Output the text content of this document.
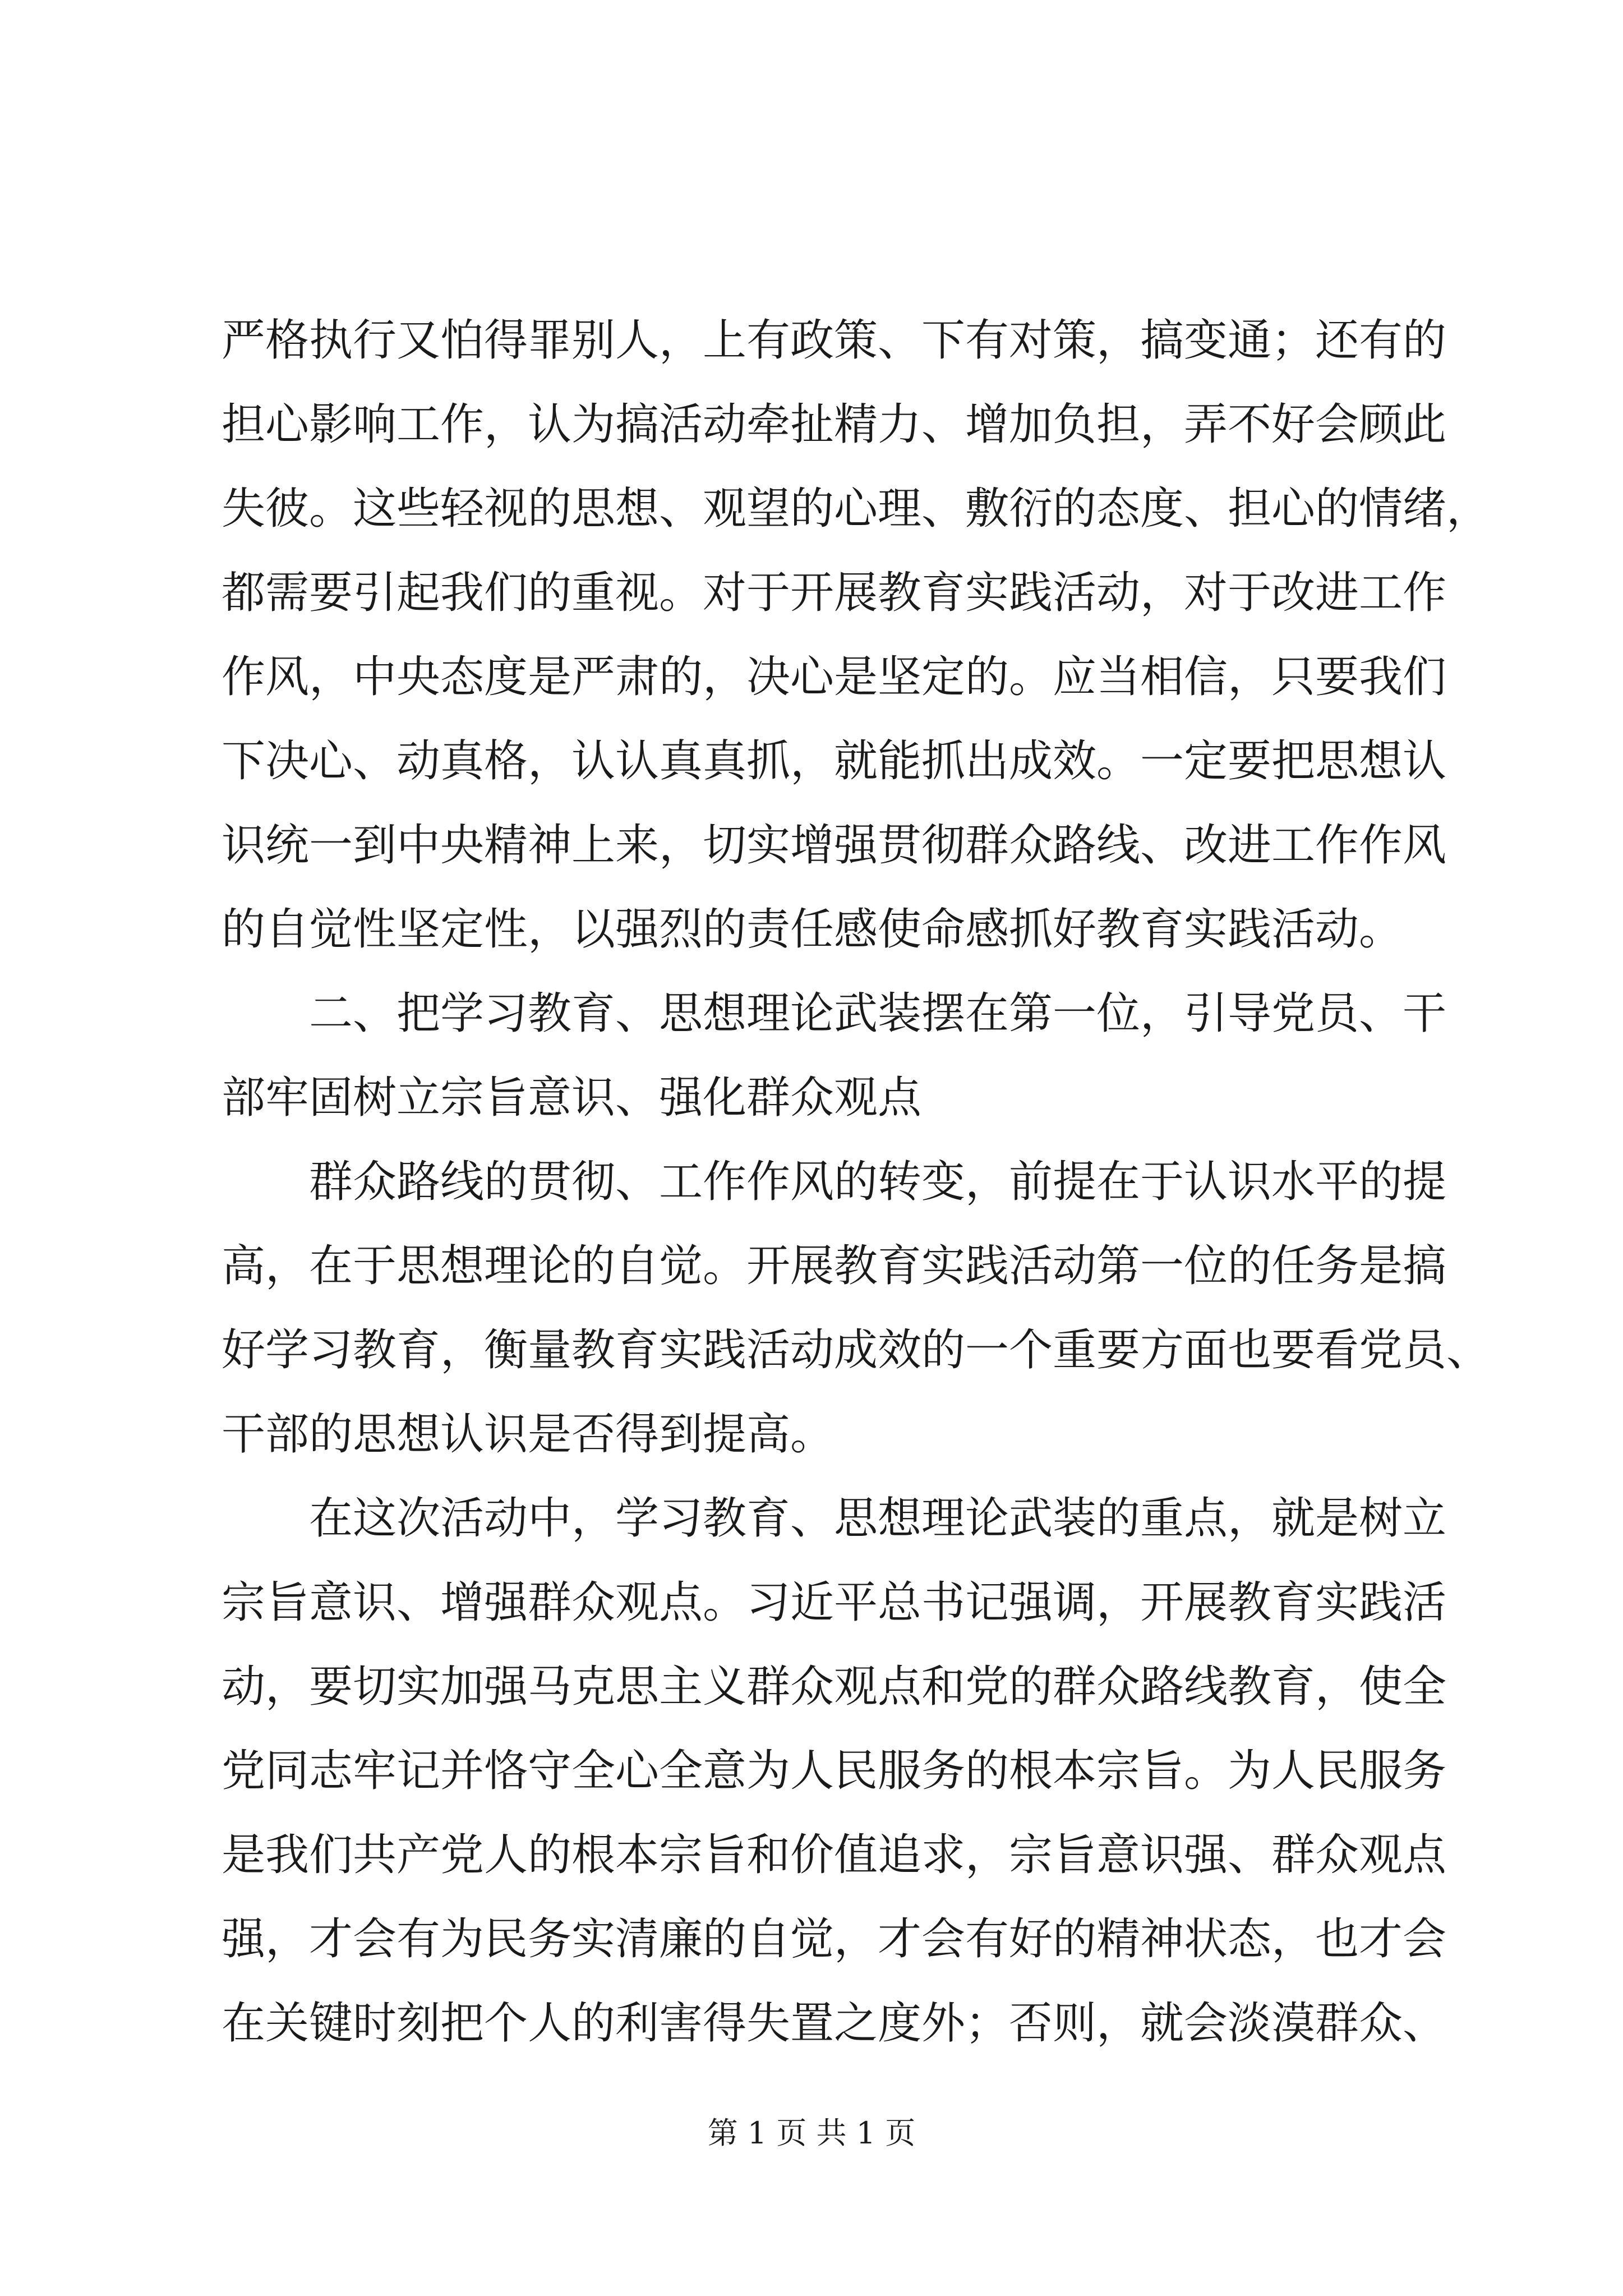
严格执行又怕得罪别人，上有政策、下有对策，搞变通；还有的
担心影响工作，认为搞活动牵扯精力、增加负担，弄不好会顾此
失彼。这些轻视的思想、观望的心理、敷衍的态度、担心的情绪，
都需要引起我们的重视。对于开展教育实践活动，对于改进工作
作风，中央态度是严肃的，决心是坚定的。应当相信，只要我们
下决心、动真格，认认真真抓，就能抓出成效。一定要把思想认
识统一到中央精神上来，切实增强贯彻群众路线、改进工作作风
的自觉性坚定性，以强烈的责任感使命感抓好教育实践活动。
二、把学习教育、思想理论武装摆在第一位，引导党员、干
部牢固树立宗旨意识、强化群众观点
群众路线的贯彻、工作作风的转变，前提在于认识水平的提
高，在于思想理论的自觉。开展教育实践活动第一位的任务是搞
好学习教育，衡量教育实践活动成效的一个重要方面也要看党员、
干部的思想认识是否得到提高。
在这次活动中，学习教育、思想理论武装的重点，就是树立
宗旨意识、增强群众观点。习近平总书记强调，开展教育实践活
动，要切实加强马克思主义群众观点和党的群众路线教育，使全
党同志牢记并恪守全心全意为人民服务的根本宗旨。为人民服务
是我们共产党人的根本宗旨和价值追求，宗旨意识强、群众观点
强，才会有为民务实清廉的自觉，才会有好的精神状态，也才会
在关键时刻把个人的利害得失置之度外；否则，就会淡漠群众、
第 1 页 共 1 页
